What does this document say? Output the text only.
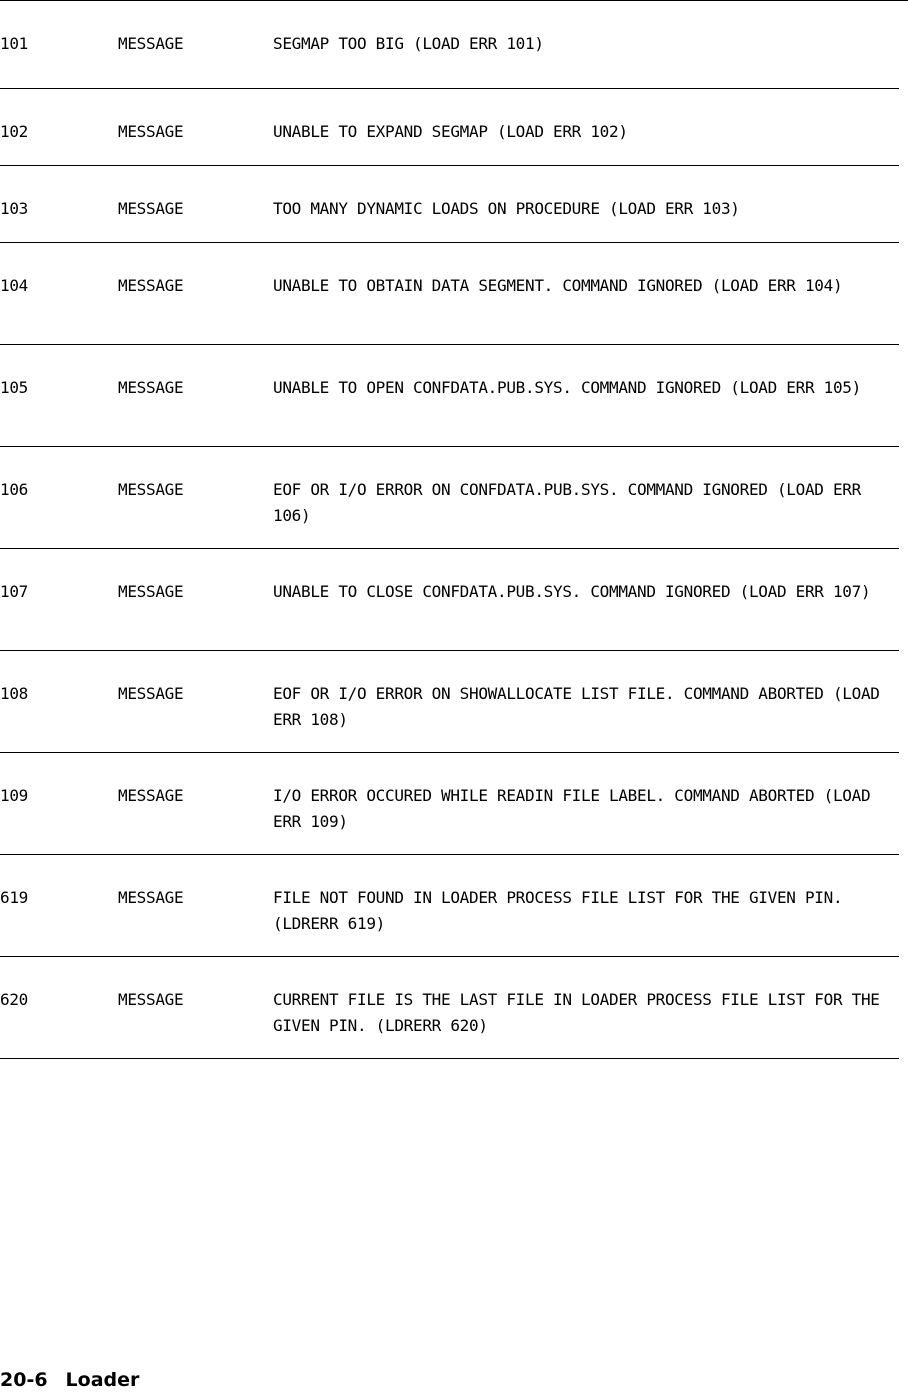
101	MESSAGE	SEGMAP TOO BIG (LOAD ERR 101)
102	MESSAGE	UNABLE TO EXPAND SEGMAP (LOAD ERR 102)
103	MESSAGE	TOO MANY DYNAMIC LOADS ON PROCEDURE (LOAD ERR 103)
104	MESSAGE	UNABLE TO OBTAIN DATA SEGMENT. COMMAND IGNORED (LOAD ERR 104)
105	MESSAGE	UNABLE TO OPEN CONFDATA.PUB.SYS. COMMAND IGNORED (LOAD ERR 105)
106	MESSAGE	EOF OR I/O ERROR ON CONFDATA.PUB.SYS. COMMAND IGNORED (LOAD ERR 106)
107	MESSAGE	UNABLE TO CLOSE CONFDATA.PUB.SYS. COMMAND IGNORED (LOAD ERR 107)
108	MESSAGE	EOF OR I/O ERROR ON SHOWALLOCATE LIST FILE. COMMAND ABORTED (LOAD ERR 108)
109	MESSAGE	I/O ERROR OCCURED WHILE READIN FILE LABEL. COMMAND ABORTED (LOAD ERR 109)
619	MESSAGE	FILE NOT FOUND IN LOADER PROCESS FILE LIST FOR THE GIVEN PIN. (LDRERR 619)
620	MESSAGE	CURRENT FILE IS THE LAST FILE IN LOADER PROCESS FILE LIST FOR THE GIVEN PIN. (LDRERR 620)
20-6 Loader
